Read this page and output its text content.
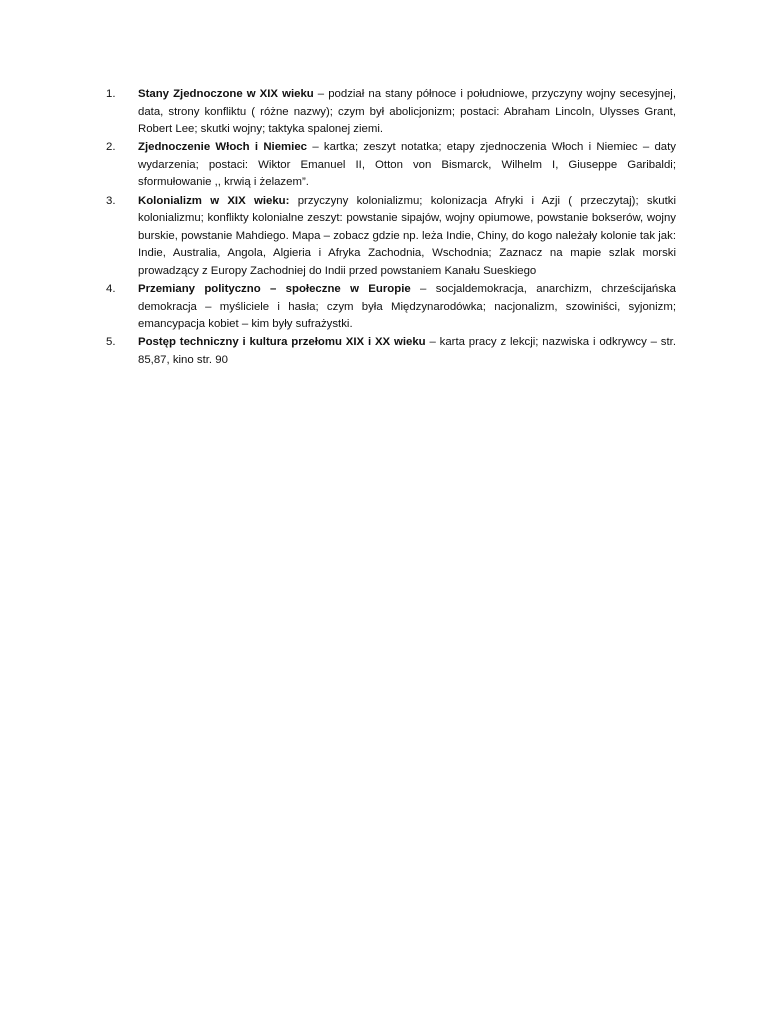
1.	Stany Zjednoczone w XIX wieku – podział na stany północe i południowe, przyczyny wojny secesyjnej, data, strony konfliktu ( różne nazwy); czym był abolicjonizm; postaci: Abraham Lincoln, Ulysses Grant, Robert Lee; skutki wojny; taktyka spalonej ziemi.
2.	Zjednoczenie Włoch i Niemiec – kartka; zeszyt notatka; etapy zjednoczenia Włoch i Niemiec – daty wydarzenia; postaci: Wiktor Emanuel II, Otton von Bismarck, Wilhelm I, Giuseppe Garibaldi; sformułowanie ,, krwią i żelazem”.
3.	Kolonializm w XIX wieku: przyczyny kolonializmu; kolonizacja Afryki i Azji ( przeczytaj); skutki kolonializmu; konflikty kolonialne zeszyt: powstanie sipajów, wojny opiumowe, powstanie bokserów, wojny burskie, powstanie Mahdiego. Mapa – zobacz gdzie np. leża Indie, Chiny, do kogo należały kolonie tak jak: Indie, Australia, Angola, Algieria i Afryka Zachodnia, Wschodnia; Zaznacz na mapie szlak morski prowadzący z Europy Zachodniej do Indii przed powstaniem Kanału Sueskiego
4.	Przemiany polityczno – społeczne w Europie – socjaldemokracja, anarchizm, chrześcijańska demokracja – myśliciele i hasła; czym była Międzynarodówka; nacjonalizm, szowiniści, syjonizm; emancypacja kobiet – kim były sufrażystki.
5.	Postęp techniczny i kultura przełomu XIX i XX wieku – karta pracy z lekcji; nazwiska i odkrywcy – str. 85,87, kino str. 90
